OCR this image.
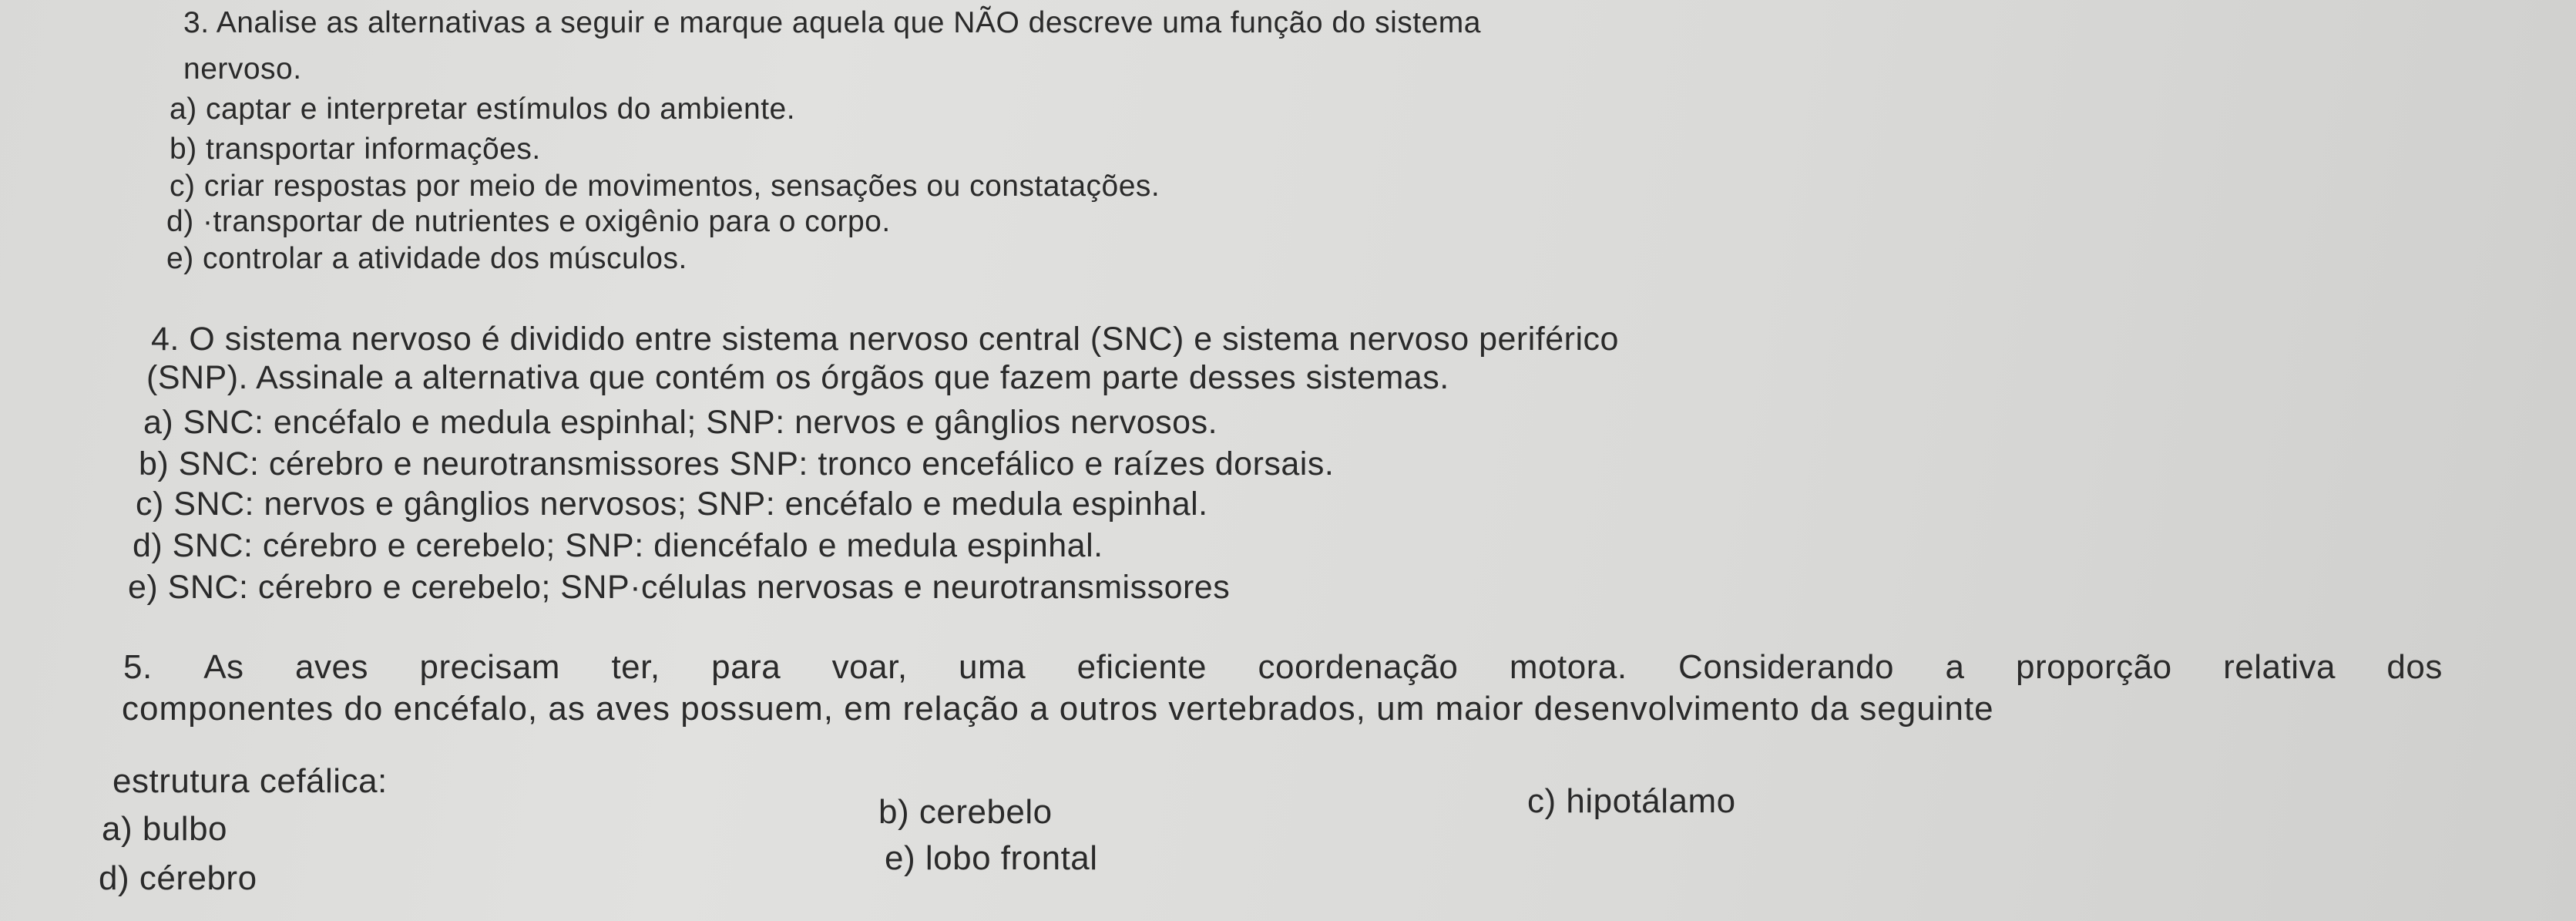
3. Analise as alternativas a seguir e marque aquela que NÃO descreve uma função do sistema
nervoso.
a) captar e interpretar estímulos do ambiente.
b) transportar informações.
c) criar respostas por meio de movimentos, sensações ou constatações.
d) ·transportar de nutrientes e oxigênio para o corpo.
e) controlar a atividade dos músculos.
4. O sistema nervoso é dividido entre sistema nervoso central (SNC) e sistema nervoso periférico
(SNP). Assinale a alternativa que contém os órgãos que fazem parte desses sistemas.
a) SNC: encéfalo e medula espinhal; SNP: nervos e gânglios nervosos.
b) SNC: cérebro e neurotransmissores SNP: tronco encefálico e raízes dorsais.
c) SNC: nervos e gânglios nervosos; SNP: encéfalo e medula espinhal.
d) SNC: cérebro e cerebelo; SNP: diencéfalo e medula espinhal.
e) SNC: cérebro e cerebelo; SNP·células nervosas e neurotransmissores
5. As aves precisam ter, para voar, uma eficiente coordenação motora. Considerando a proporção relativa dos
componentes do encéfalo, as aves possuem, em relação a outros vertebrados, um maior desenvolvimento da seguinte
estrutura cefálica:
a) bulbo	b) cerebelo	c) hipotálamo
d) cérebro
e) lobo frontal
